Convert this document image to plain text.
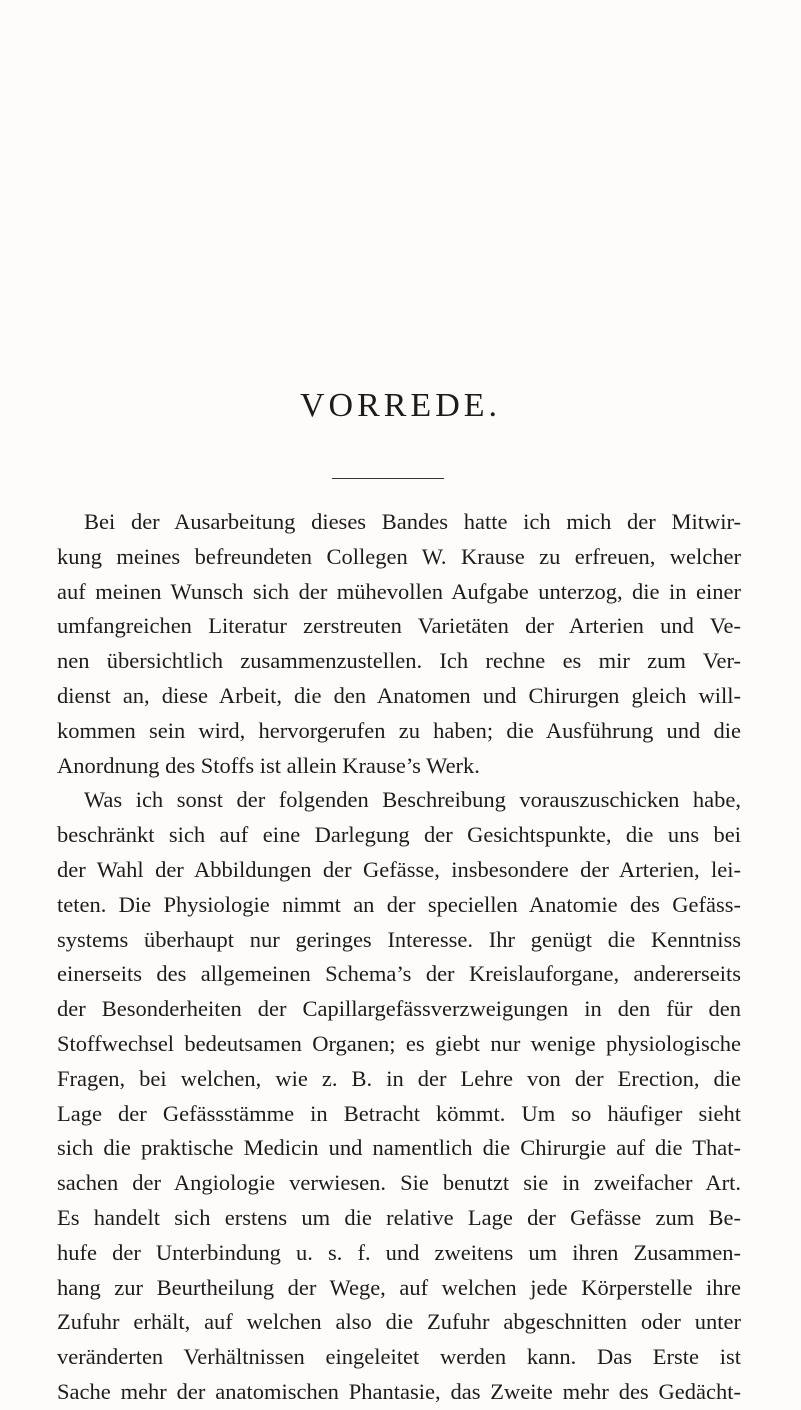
VORREDE.
Bei der Ausarbeitung dieses Bandes hatte ich mich der Mitwir-
kung meines befreundeten Collegen W. Krause zu erfreuen, welcher
auf meinen Wunsch sich der mühevollen Aufgabe unterzog, die in einer
umfangreichen Literatur zerstreuten Varietäten der Arterien und Ve-
nen übersichtlich zusammenzustellen. Ich rechne es mir zum Ver-
dienst an, diese Arbeit, die den Anatomen und Chirurgen gleich will-
kommen sein wird, hervorgerufen zu haben; die Ausführung und die
Anordnung des Stoffs ist allein Krause’s Werk.
Was ich sonst der folgenden Beschreibung vorauszuschicken habe,
beschränkt sich auf eine Darlegung der Gesichtspunkte, die uns bei
der Wahl der Abbildungen der Gefässe, insbesondere der Arterien, lei-
teten. Die Physiologie nimmt an der speciellen Anatomie des Gefäss-
systems überhaupt nur geringes Interesse. Ihr genügt die Kenntniss
einerseits des allgemeinen Schema’s der Kreislauforgane, andererseits
der Besonderheiten der Capillargefässverzweigungen in den für den
Stoffwechsel bedeutsamen Organen; es giebt nur wenige physiologische
Fragen, bei welchen, wie z. B. in der Lehre von der Erection, die
Lage der Gefässstämme in Betracht kömmt. Um so häufiger sieht
sich die praktische Medicin und namentlich die Chirurgie auf die That-
sachen der Angiologie verwiesen. Sie benutzt sie in zweifacher Art.
Es handelt sich erstens um die relative Lage der Gefässe zum Be-
hufe der Unterbindung u. s. f. und zweitens um ihren Zusammen-
hang zur Beurtheilung der Wege, auf welchen jede Körperstelle ihre
Zufuhr erhält, auf welchen also die Zufuhr abgeschnitten oder unter
veränderten Verhältnissen eingeleitet werden kann. Das Erste ist
Sache mehr der anatomischen Phantasie, das Zweite mehr des Gedächt-
